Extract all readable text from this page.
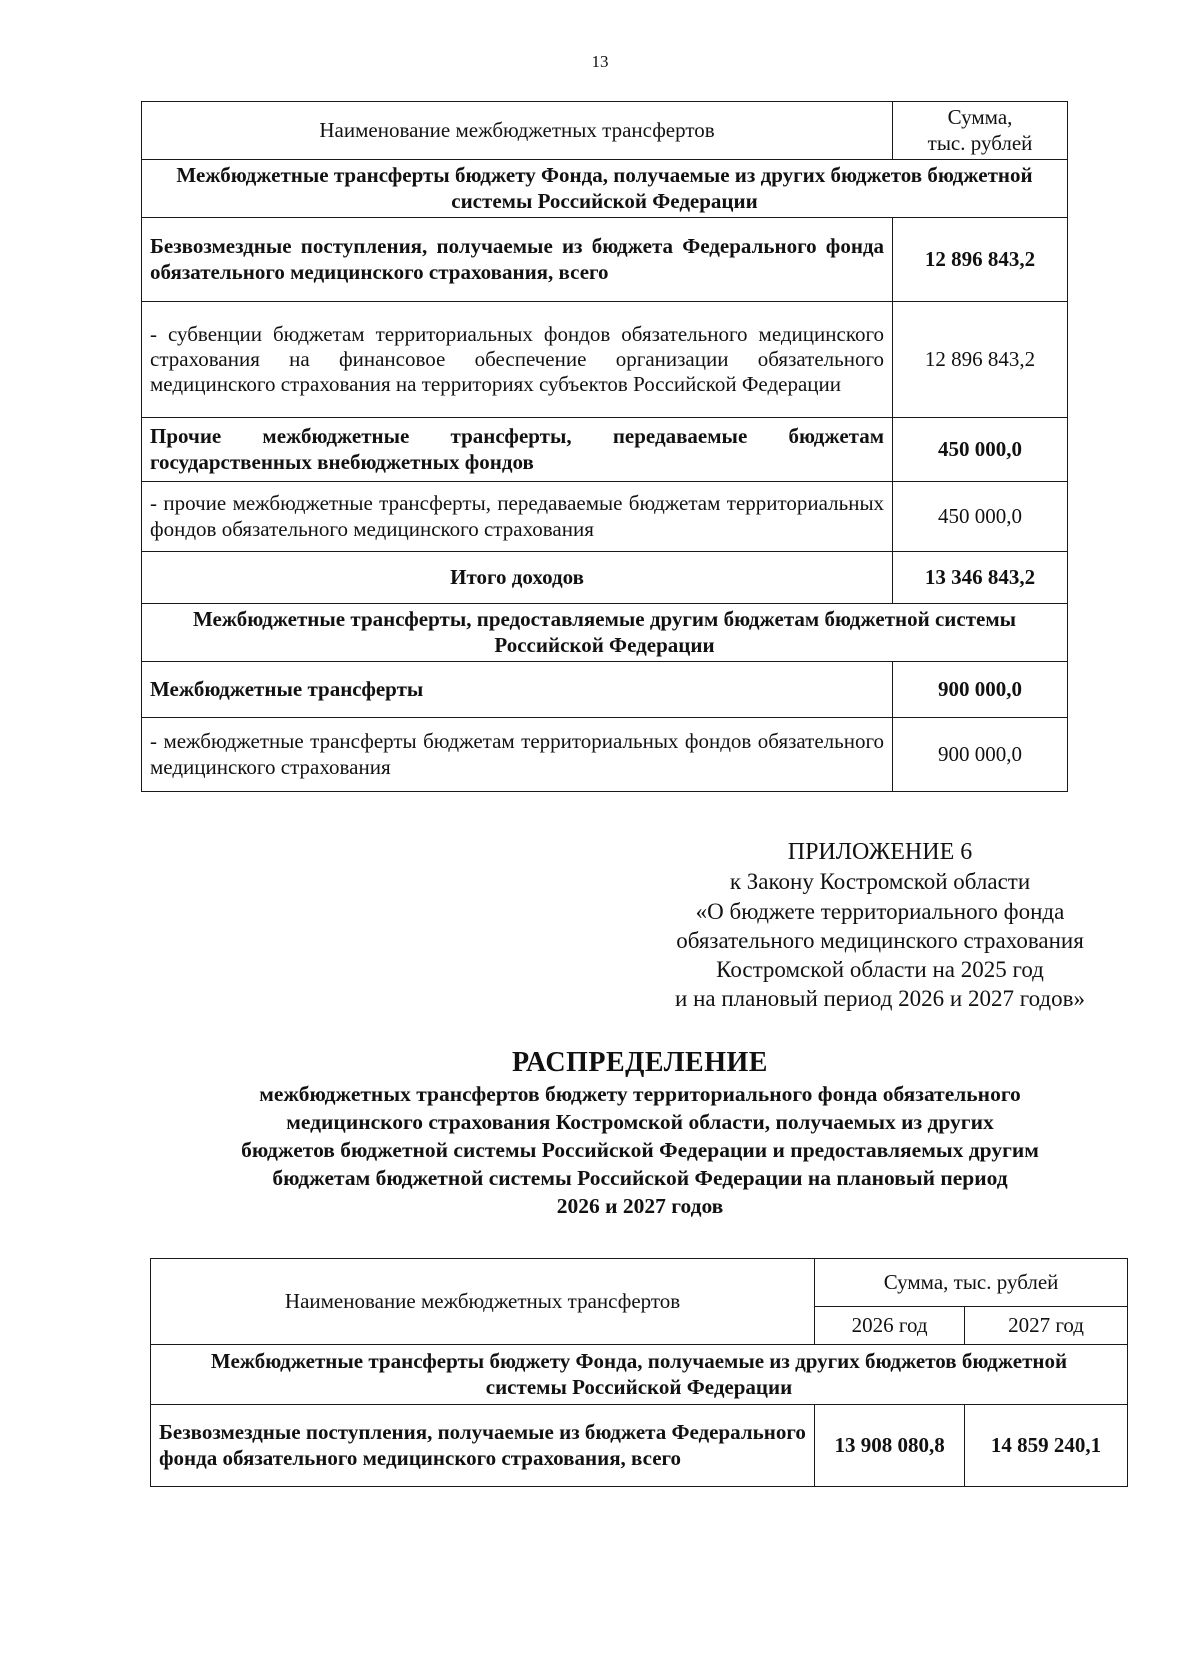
13
Наименование межбюджетных трансфертов	Сумма,
тыс. рублей

Межбюджетные трансферты бюджету Фонда, получаемые из других бюджетов бюджетной системы Российской Федерации	
Безвозмездные поступления, получаемые из бюджета Федерального фонда обязательного медицинского страхования, всего	12 896 843,2
- субвенции бюджетам территориальных фондов обязательного медицинского страхования на финансовое обеспечение организации обязательного медицинского страхования на территориях субъектов Российской Федерации	12 896 843,2
Прочие межбюджетные трансферты, передаваемые бюджетам государственных внебюджетных фондов	450 000,0
- прочие межбюджетные трансферты, передаваемые бюджетам территориальных фондов обязательного медицинского страхования	450 000,0
Итого доходов	13 346 843,2
Межбюджетные трансферты, предоставляемые другим бюджетам бюджетной системы Российской Федерации	
Межбюджетные трансферты	900 000,0
- межбюджетные трансферты бюджетам территориальных фондов обязательного медицинского страхования	900 000,0
ПРИЛОЖЕНИЕ 6
к Закону Костромской области
«О бюджете территориального фонда
обязательного медицинского страхования
Костромской области на 2025 год
и на плановый период 2026 и 2027 годов»
РАСПРЕДЕЛЕНИЕ
межбюджетных трансфертов бюджету территориального фонда обязательного
медицинского страхования Костромской области, получаемых из других
бюджетов бюджетной системы Российской Федерации и предоставляемых другим
бюджетам бюджетной системы Российской Федерации на плановый период
2026 и 2027 годов
Наименование межбюджетных трансфертов	Сумма, тыс. рублей	
	2026 год	2027 год
Межбюджетные трансферты бюджету Фонда, получаемые из других бюджетов бюджетной системы Российской Федерации		
Безвозмездные поступления, получаемые из бюджета Федерального фонда обязательного медицинского страхования, всего	13 908 080,8	14 859 240,1
